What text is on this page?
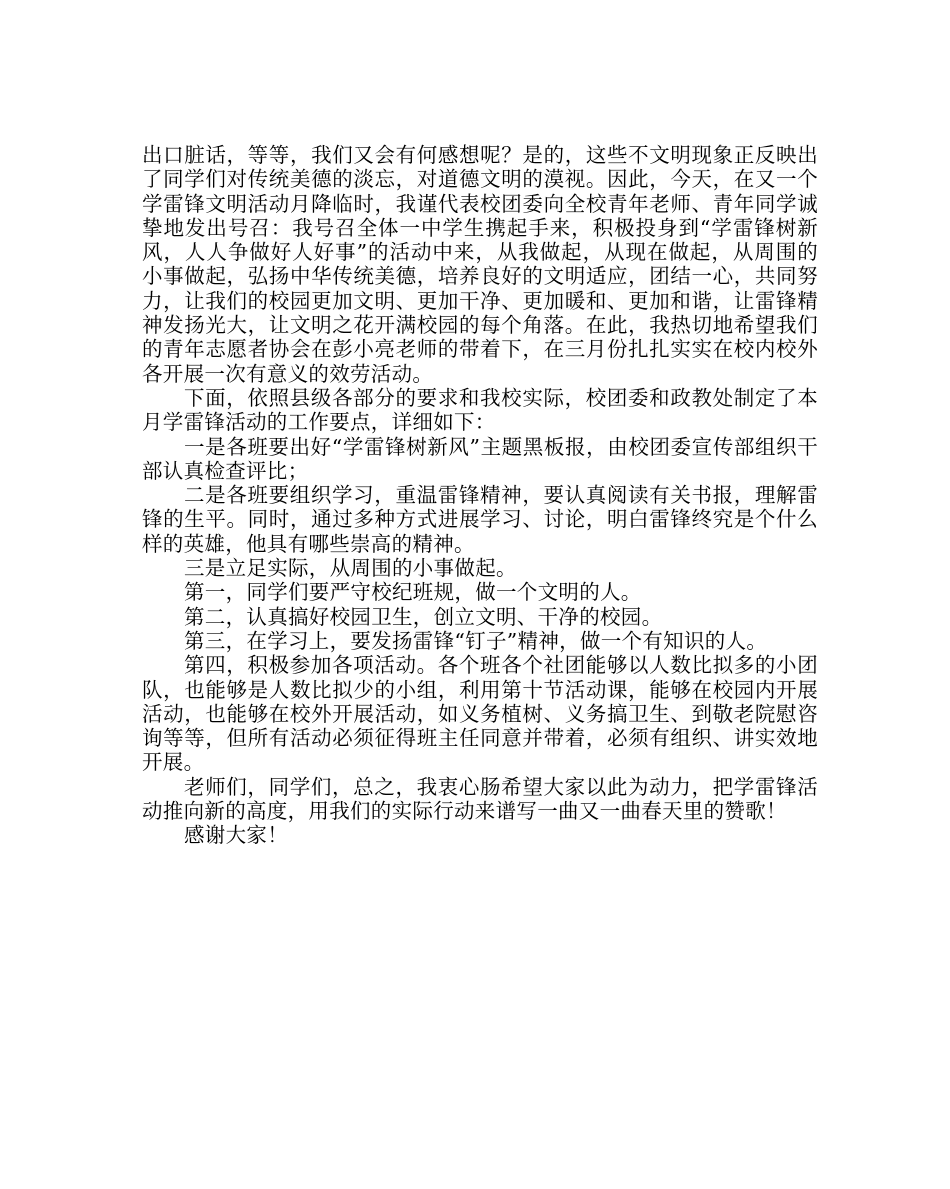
出口脏话，等等，我们又会有何感想呢？是的，这些不文明现象正反映出了同学们对传统美德的淡忘，对道德文明的漠视。因此，今天，在又一个学雷锋文明活动月降临时，我谨代表校团委向全校青年老师、青年同学诚挚地发出号召：我号召全体一中学生携起手来，积极投身到“学雷锋树新风，人人争做好人好事”的活动中来，从我做起，从现在做起，从周围的小事做起，弘扬中华传统美德，培养良好的文明适应，团结一心，共同努力，让我们的校园更加文明、更加干净、更加暖和、更加和谐，让雷锋精神发扬光大，让文明之花开满校园的每个角落。在此，我热切地希望我们的青年志愿者协会在彭小亮老师的带着下，在三月份扎扎实实在校内校外各开展一次有意义的效劳活动。

下面，依照县级各部分的要求和我校实际，校团委和政教处制定了本月学雷锋活动的工作要点，详细如下：

一是各班要出好“学雷锋树新风”主题黑板报，由校团委宣传部组织干部认真检查评比；

二是各班要组织学习，重温雷锋精神，要认真阅读有关书报，理解雷锋的生平。同时，通过多种方式进展学习、讨论，明白雷锋终究是个什么样的英雄，他具有哪些崇高的精神。

三是立足实际，从周围的小事做起。

第一，同学们要严守校纪班规，做一个文明的人。

第二，认真搞好校园卫生，创立文明、干净的校园。

第三，在学习上，要发扬雷锋“钉子”精神，做一个有知识的人。

第四，积极参加各项活动。各个班各个社团能够以人数比拟多的小团队，也能够是人数比拟少的小组，利用第十节活动课，能够在校园内开展活动，也能够在校外开展活动，如义务植树、义务搞卫生、到敬老院慰咨询等等，但所有活动必须征得班主任同意并带着，必须有组织、讲实效地开展。

老师们，同学们，总之，我衷心肠希望大家以此为动力，把学雷锋活动推向新的高度，用我们的实际行动来谱写一曲又一曲春天里的赞歌！

感谢大家！
